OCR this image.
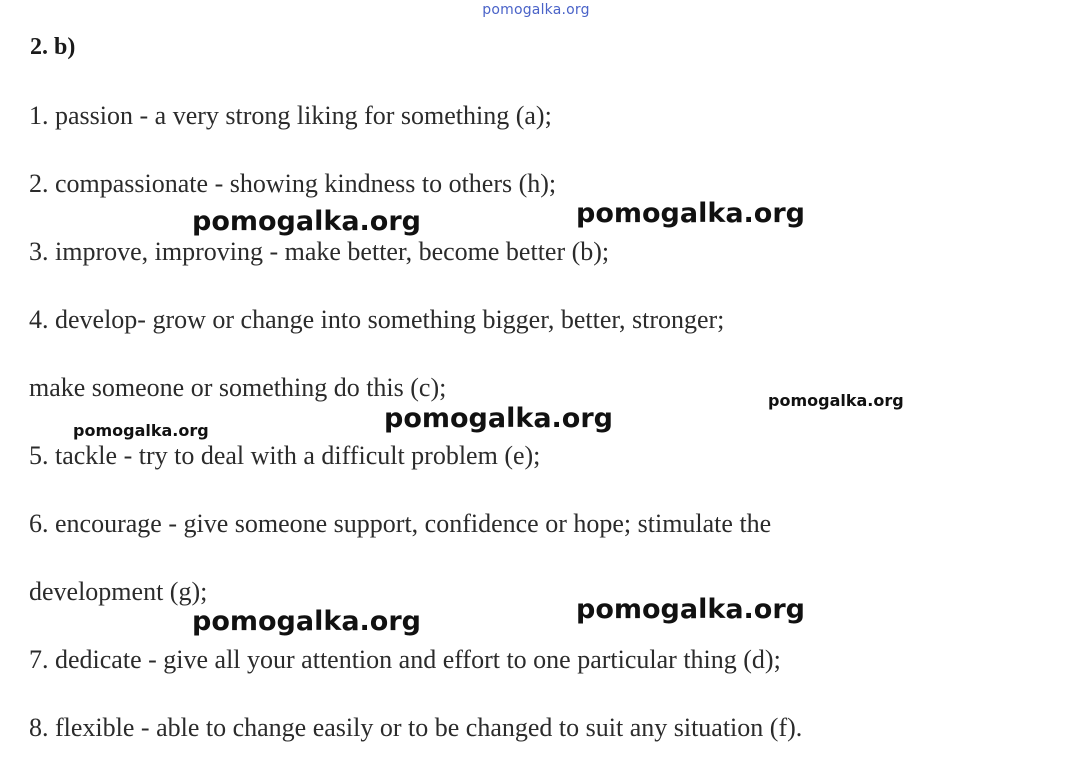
pomogalka.org
2. b)
1. passion - a very strong liking for something (a);
2. compassionate - showing kindness to others (h);
3. improve, improving - make better, become better (b);
4. develop- grow or change into something bigger, better, stronger;
make someone or something do this (c);
5. tackle - try to deal with a difficult problem (e);
6. encourage - give someone support, confidence or hope; stimulate the
development (g);
7. dedicate - give all your attention and effort to one particular thing (d);
8. flexible - able to change easily or to be changed to suit any situation (f).
pomogalka.org	pomogalka.org
pomogalka.org
pomogalka.org
pomogalka.org
pomogalka.org
pomogalka.org
